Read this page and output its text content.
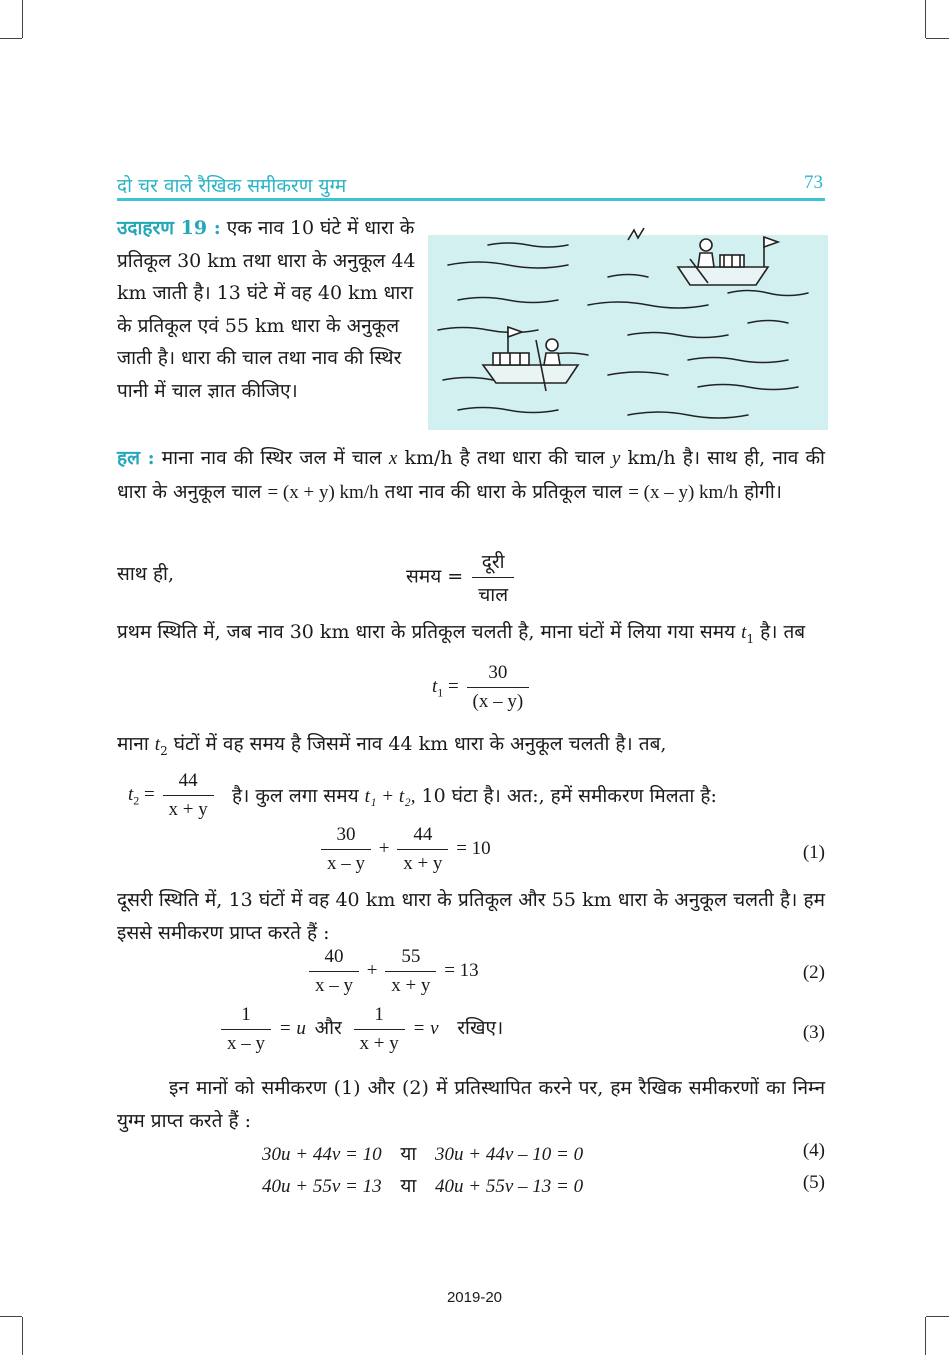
दो चर वाले रैखिक समीकरण युग्म	73
उदाहरण 19 : एक नाव 10 घंटे में धारा के प्रतिकूल 30 km तथा धारा के अनुकूल 44 km जाती है। 13 घंटे में वह 40 km धारा के प्रतिकूल एवं 55 km धारा के अनुकूल जाती है। धारा की चाल तथा नाव की स्थिर पानी में चाल ज्ञात कीजिए।
हल : माना नाव की स्थिर जल में चाल x km/h है तथा धारा की चाल y km/h है। साथ ही, नाव की धारा के अनुकूल चाल = (x + y) km/h तथा नाव की धारा के प्रतिकूल चाल = (x – y) km/h होगी।
साथ ही,	समय = $\frac{\text{दूरी}}{\text{चाल}}$
प्रथम स्थिति में, जब नाव 30 km धारा के प्रतिकूल चलती है, माना घंटों में लिया गया समय $t_1$ है। तब
$t_1 = \frac{30}{(x - y)}$
माना $t_2$ घंटों में वह समय है जिसमें नाव 44 km धारा के अनुकूल चलती है। तब,
$t_2 = \frac{44}{x + y}$ है। कुल लगा समय t₁ + t₂, 10 घंटा है। अत:, हमें समीकरण मिलता है:
$\frac{30}{x - y} + \frac{44}{x + y} = 10$	(1)
दूसरी स्थिति में, 13 घंटों में वह 40 km धारा के प्रतिकूल और 55 km धारा के अनुकूल चलती है। हम इससे समीकरण प्राप्त करते हैं :
$\frac{40}{x - y} + \frac{55}{x + y} = 13$	(2)
$\frac{1}{x - y} = u$ और $\frac{1}{x + y} = v$ रखिए।	(3)
इन मानों को समीकरण (1) और (2) में प्रतिस्थापित करने पर, हम रैखिक समीकरणों का निम्न युग्म प्राप्त करते हैं :
30u + 44v = 10 या 30u + 44v – 10 = 0	(4)
40u + 55v = 13 या 40u + 55v – 13 = 0	(5)
2019-20
